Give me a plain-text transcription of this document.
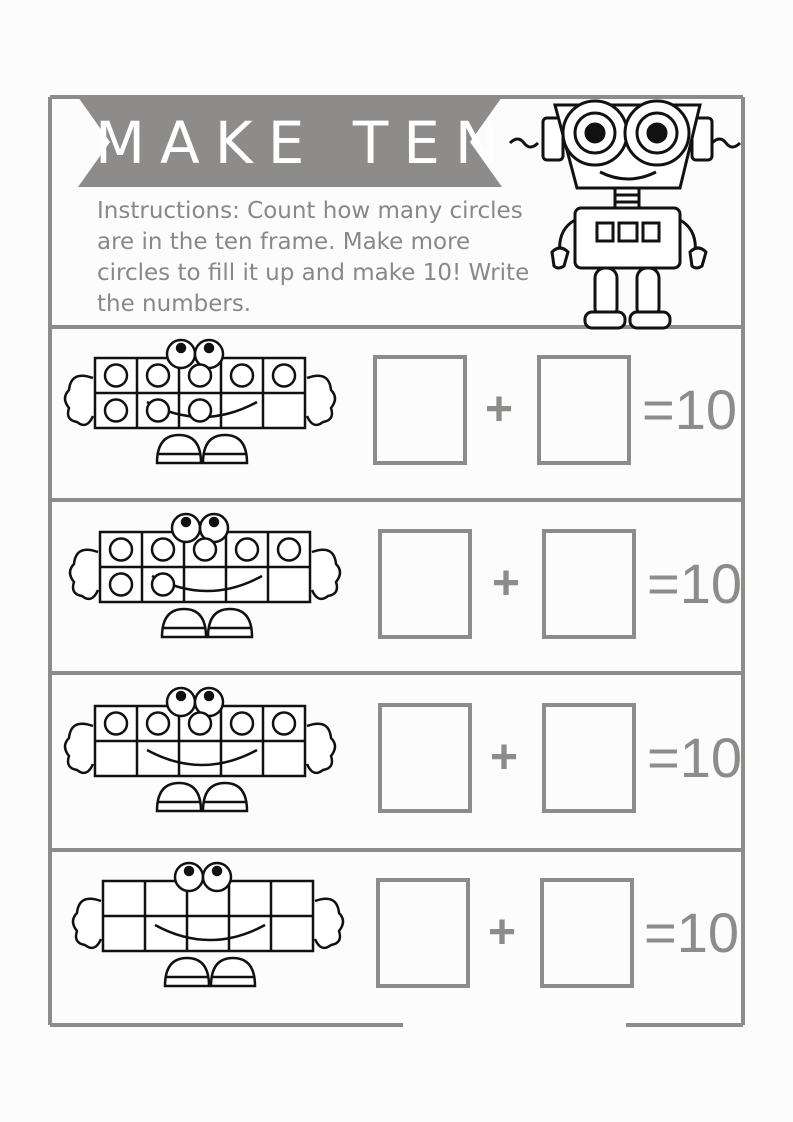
MAKE TEN

Instructions: Count how many circles are in the ten frame. Make more circles to fill it up and make 10! Write the numbers.

+ =10
+ =10
+ =10
+ =10
